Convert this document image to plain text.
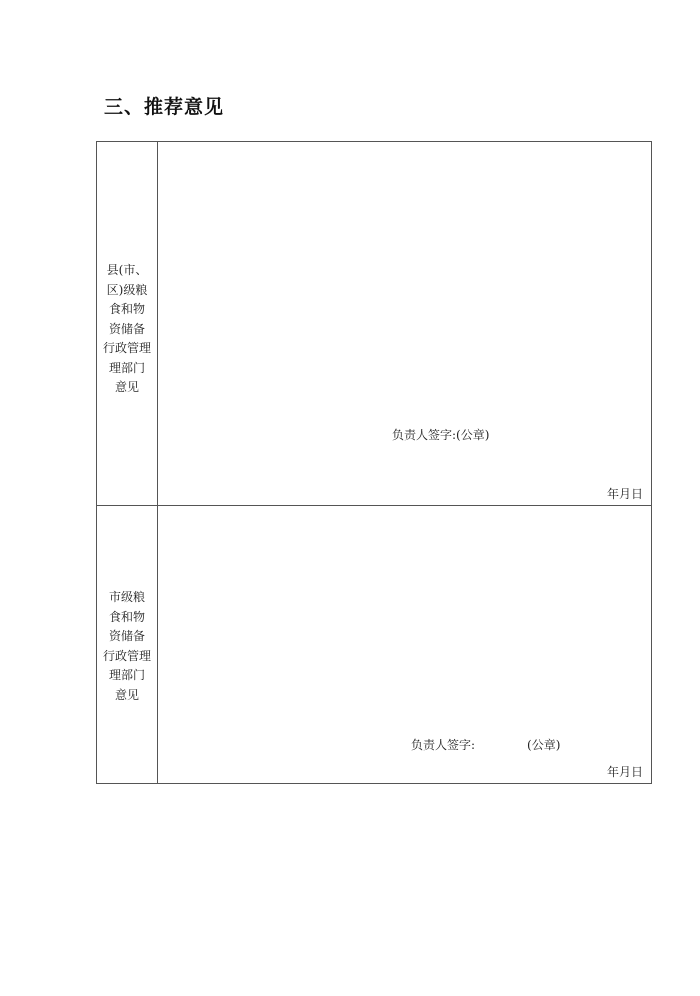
三、推荐意见
县(市、
区)级粮
食和物
资储备
行政管理
理部门
意见
负责人签字:(公章)
年月日
市级粮
食和物
资储备
行政管理
理部门
意见
负责人签字:	(公章)
年月日
